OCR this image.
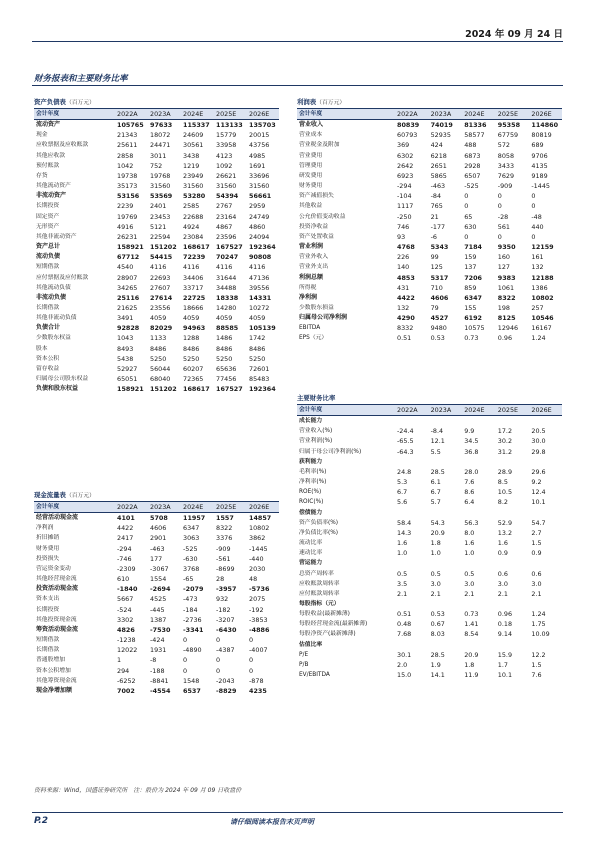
2024 年 09 月 24 日
财务报表和主要财务比率
资产负债表（百万元）
会计年度	2022A	2023A	2024E	2025E	2026E
流动资产	105765	97633	115337	113133	135703
现金	21343	18072	24609	15779	20015
应收票据及应收账款	25611	24471	30561	33958	43756
其他应收款	2858	3011	3438	4123	4985
预付账款	1042	752	1219	1092	1691
存货	19738	19768	23949	26621	33696
其他流动资产	35173	31560	31560	31560	31560
非流动资产	53156	53569	53280	54394	56661
长期投资	2239	2401	2585	2767	2959
固定资产	19769	23453	22688	23164	24749
无形资产	4916	5121	4924	4867	4860
其他非流动资产	26231	22594	23084	23596	24094
资产总计	158921	151202	168617	167527	192364
流动负债	67712	54415	72239	70247	90808
短期借款	4540	4116	4116	4116	4116
应付票据及应付账款	28907	22693	34406	31644	47136
其他流动负债	34265	27607	33717	34488	39556
非流动负债	25116	27614	22725	18338	14331
长期借款	21625	23556	18666	14280	10272
其他非流动负债	3491	4059	4059	4059	4059
负债合计	92828	82029	94963	88585	105139
少数股东权益	1043	1133	1288	1486	1742
股本	8493	8486	8486	8486	8486
资本公积	5438	5250	5250	5250	5250
留存收益	52927	56044	60207	65636	72601
归属母公司股东权益	65051	68040	72365	77456	85483
负债和股东权益	158921	151202	168617	167527	192364
现金流量表（百万元）
会计年度	2022A	2023A	2024E	2025E	2026E
经营活动现金流	4101	5708	11957	1557	14857
净利润	4422	4606	6347	8322	10802
折旧摊销	2417	2901	3063	3376	3862
财务费用	-294	-463	-525	-909	-1445
投资损失	-746	177	-630	-561	-440
营运资金变动	-2309	-3067	3768	-8699	2030
其他经营现金流	610	1554	-65	28	48
投资活动现金流	-1840	-2694	-2079	-3957	-5736
资本支出	5667	4525	-473	932	2075
长期投资	-524	-445	-184	-182	-192
其他投资现金流	3302	1387	-2736	-3207	-3853
筹资活动现金流	4826	-7530	-3341	-6430	-4886
短期借款	-1238	-424	0	0	0
长期借款	12022	1931	-4890	-4387	-4007
普通股增加	1	-8	0	0	0
资本公积增加	294	-188	0	0	0
其他筹资现金流	-6252	-8841	1548	-2043	-878
现金净增加额	7002	-4554	6537	-8829	4235
利润表（百万元）
会计年度	2022A	2023A	2024E	2025E	2026E
营业收入	80839	74019	81336	95358	114860
营业成本	60793	52935	58577	67759	80819
营业税金及附加	369	424	488	572	689
营业费用	6302	6218	6873	8058	9706
管理费用	2642	2651	2928	3433	4135
研发费用	6923	5865	6507	7629	9189
财务费用	-294	-463	-525	-909	-1445
资产减值损失	-104	-84	0	0	0
其他收益	1117	765	0	0	0
公允价值变动收益	-250	21	65	-28	-48
投资净收益	746	-177	630	561	440
资产处置收益	93	-6	0	0	0
营业利润	4768	5343	7184	9350	12159
营业外收入	226	99	159	160	161
营业外支出	140	125	137	127	132
利润总额	4853	5317	7206	9383	12188
所得税	431	710	859	1061	1386
净利润	4422	4606	6347	8322	10802
少数股东损益	132	79	155	198	257
归属母公司净利润	4290	4527	6192	8125	10546
EBITDA	8332	9480	10575	12946	16167
EPS（元）	0.51	0.53	0.73	0.96	1.24
主要财务比率
会计年度	2022A	2023A	2024E	2025E	2026E
成长能力					
营业收入(%)	-24.4	-8.4	9.9	17.2	20.5
营业利润(%)	-65.5	12.1	34.5	30.2	30.0
归属于母公司净利润(%)	-64.3	5.5	36.8	31.2	29.8
获利能力					
毛利率(%)	24.8	28.5	28.0	28.9	29.6
净利率(%)	5.3	6.1	7.6	8.5	9.2
ROE(%)	6.7	6.7	8.6	10.5	12.4
ROIC(%)	5.6	5.7	6.4	8.2	10.1
偿债能力					
资产负债率(%)	58.4	54.3	56.3	52.9	54.7
净负债比率(%)	14.3	20.9	8.0	13.2	2.7
流动比率	1.6	1.8	1.6	1.6	1.5
速动比率	1.0	1.0	1.0	0.9	0.9
营运能力					
总资产周转率	0.5	0.5	0.5	0.6	0.6
应收账款周转率	3.5	3.0	3.0	3.0	3.0
应付账款周转率	2.1	2.1	2.1	2.1	2.1
每股指标（元）					
每股收益(最新摊薄)	0.51	0.53	0.73	0.96	1.24
每股经营现金流(最新摊薄)	0.48	0.67	1.41	0.18	1.75
每股净资产(最新摊薄)	7.68	8.03	8.54	9.14	10.09
估值比率					
P/E	30.1	28.5	20.9	15.9	12.2
P/B	2.0	1.9	1.8	1.7	1.5
EV/EBITDA	15.0	14.1	11.9	10.1	7.6
资料来源：Wind，国盛证券研究所　注：股价为 2024 年 09 月 09 日收盘价
P.2	请仔细阅读本报告末页声明
